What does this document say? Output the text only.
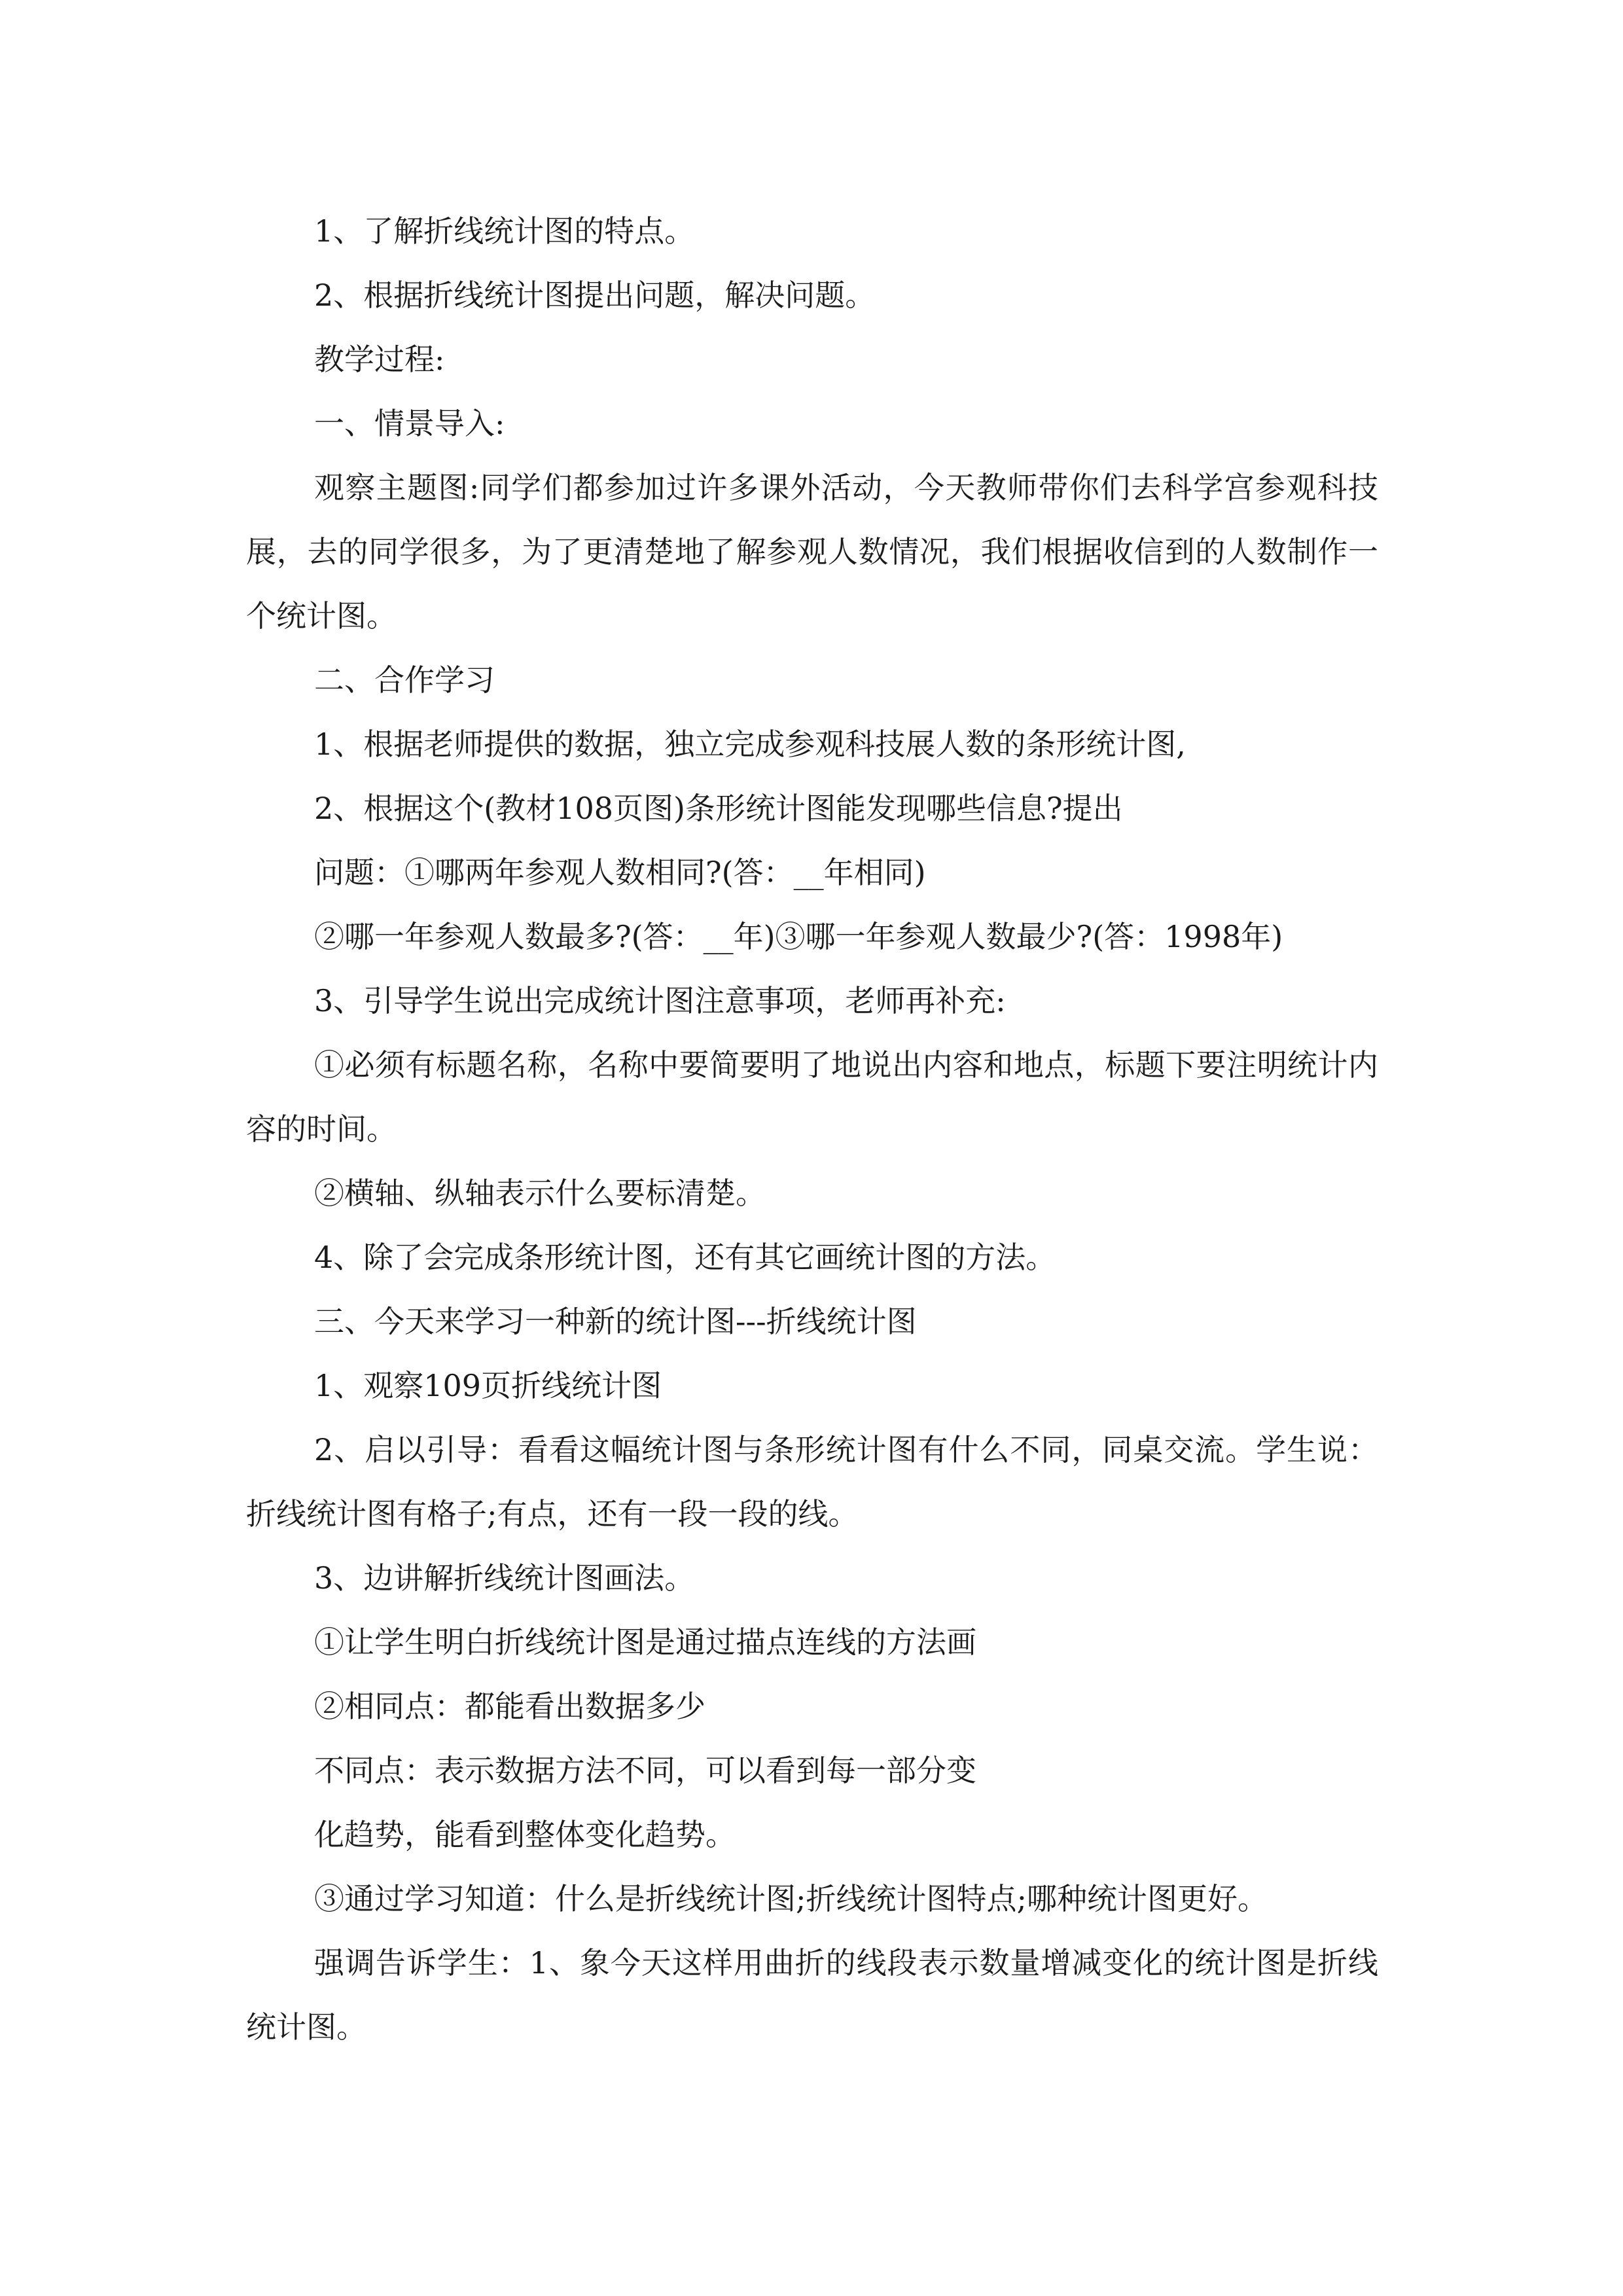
1、了解折线统计图的特点。

2、根据折线统计图提出问题，解决问题。

教学过程:

一、情景导入:

观察主题图:同学们都参加过许多课外活动，今天教师带你们去科学宫参观科技展，去的同学很多，为了更清楚地了解参观人数情况，我们根据收信到的人数制作一个统计图。

二、合作学习

1、根据老师提供的数据，独立完成参观科技展人数的条形统计图,

2、根据这个(教材108页图)条形统计图能发现哪些信息?提出

问题：①哪两年参观人数相同?(答：__年相同)

②哪一年参观人数最多?(答：__年)③哪一年参观人数最少?(答：1998年)

3、引导学生说出完成统计图注意事项，老师再补充:

①必须有标题名称，名称中要简要明了地说出内容和地点，标题下要注明统计内容的时间。

②横轴、纵轴表示什么要标清楚。

4、除了会完成条形统计图，还有其它画统计图的方法。

三、今天来学习一种新的统计图---折线统计图

1、观察109页折线统计图

2、启以引导：看看这幅统计图与条形统计图有什么不同，同桌交流。学生说：折线统计图有格子;有点，还有一段一段的线。

3、边讲解折线统计图画法。

①让学生明白折线统计图是通过描点连线的方法画

②相同点：都能看出数据多少

不同点：表示数据方法不同，可以看到每一部分变

化趋势，能看到整体变化趋势。

③通过学习知道：什么是折线统计图;折线统计图特点;哪种统计图更好。

强调告诉学生：1、象今天这样用曲折的线段表示数量增减变化的统计图是折线统计图。
